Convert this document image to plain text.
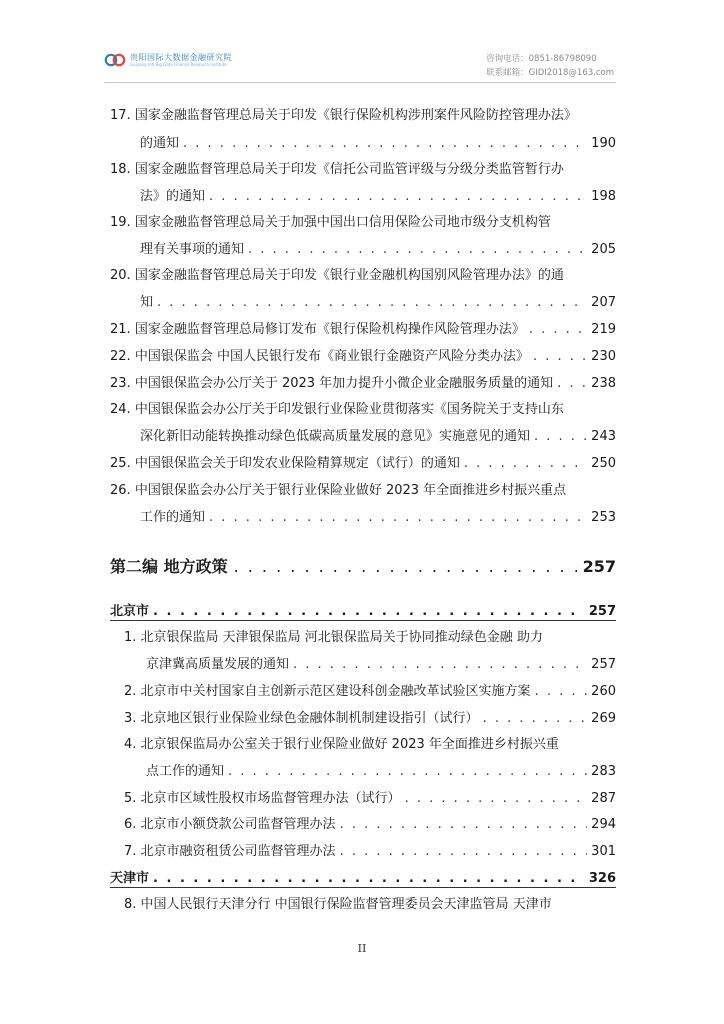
贵阳国际大数据金融研究院
Guiyang Intl Big Data Finance Research Institute	咨询电话：0851-86798090
联系邮箱：GIDI2018@163.com
17. 国家金融监督管理总局关于印发《银行保险机构涉刑案件风险防控管理办法》
的通知 . . .	190
18. 国家金融监督管理总局关于印发《信托公司监管评级与分级分类监管暂行办
法》的通知 . . .	198
19. 国家金融监督管理总局关于加强中国出口信用保险公司地市级分支机构管
理有关事项的通知 . . .	205
20. 国家金融监督管理总局关于印发《银行业金融机构国别风险管理办法》的通
知 . . .	207
21. 国家金融监督管理总局修订发布《银行保险机构操作风险管理办法》 . . .	219
22. 中国银保监会 中国人民银行发布《商业银行金融资产风险分类办法》 . . .	230
23. 中国银保监会办公厅关于 2023 年加力提升小微企业金融服务质量的通知 . . .	238
24. 中国银保监会办公厅关于印发银行业保险业贯彻落实《国务院关于支持山东
深化新旧动能转换推动绿色低碳高质量发展的意见》实施意见的通知 . . .	243
25. 中国银保监会关于印发农业保险精算规定（试行）的通知 . . .	250
26. 中国银保监会办公厅关于银行业保险业做好 2023 年全面推进乡村振兴重点
工作的通知 . . .	253
第二编 地方政策 . . .	257
北京市 . . .	257
1. 北京银保监局 天津银保监局 河北银保监局关于协同推动绿色金融 助力
京津冀高质量发展的通知 . . .	257
2. 北京市中关村国家自主创新示范区建设科创金融改革试验区实施方案 . . .	260
3. 北京地区银行业保险业绿色金融体制机制建设指引（试行） . . .	269
4. 北京银保监局办公室关于银行业保险业做好 2023 年全面推进乡村振兴重
点工作的通知 . . .	283
5. 北京市区域性股权市场监督管理办法（试行） . . .	287
6. 北京市小额贷款公司监督管理办法 . . .	294
7. 北京市融资租赁公司监督管理办法 . . .	301
天津市 . . .	326
8. 中国人民银行天津分行 中国银行保险监督管理委员会天津监管局 天津市
II
